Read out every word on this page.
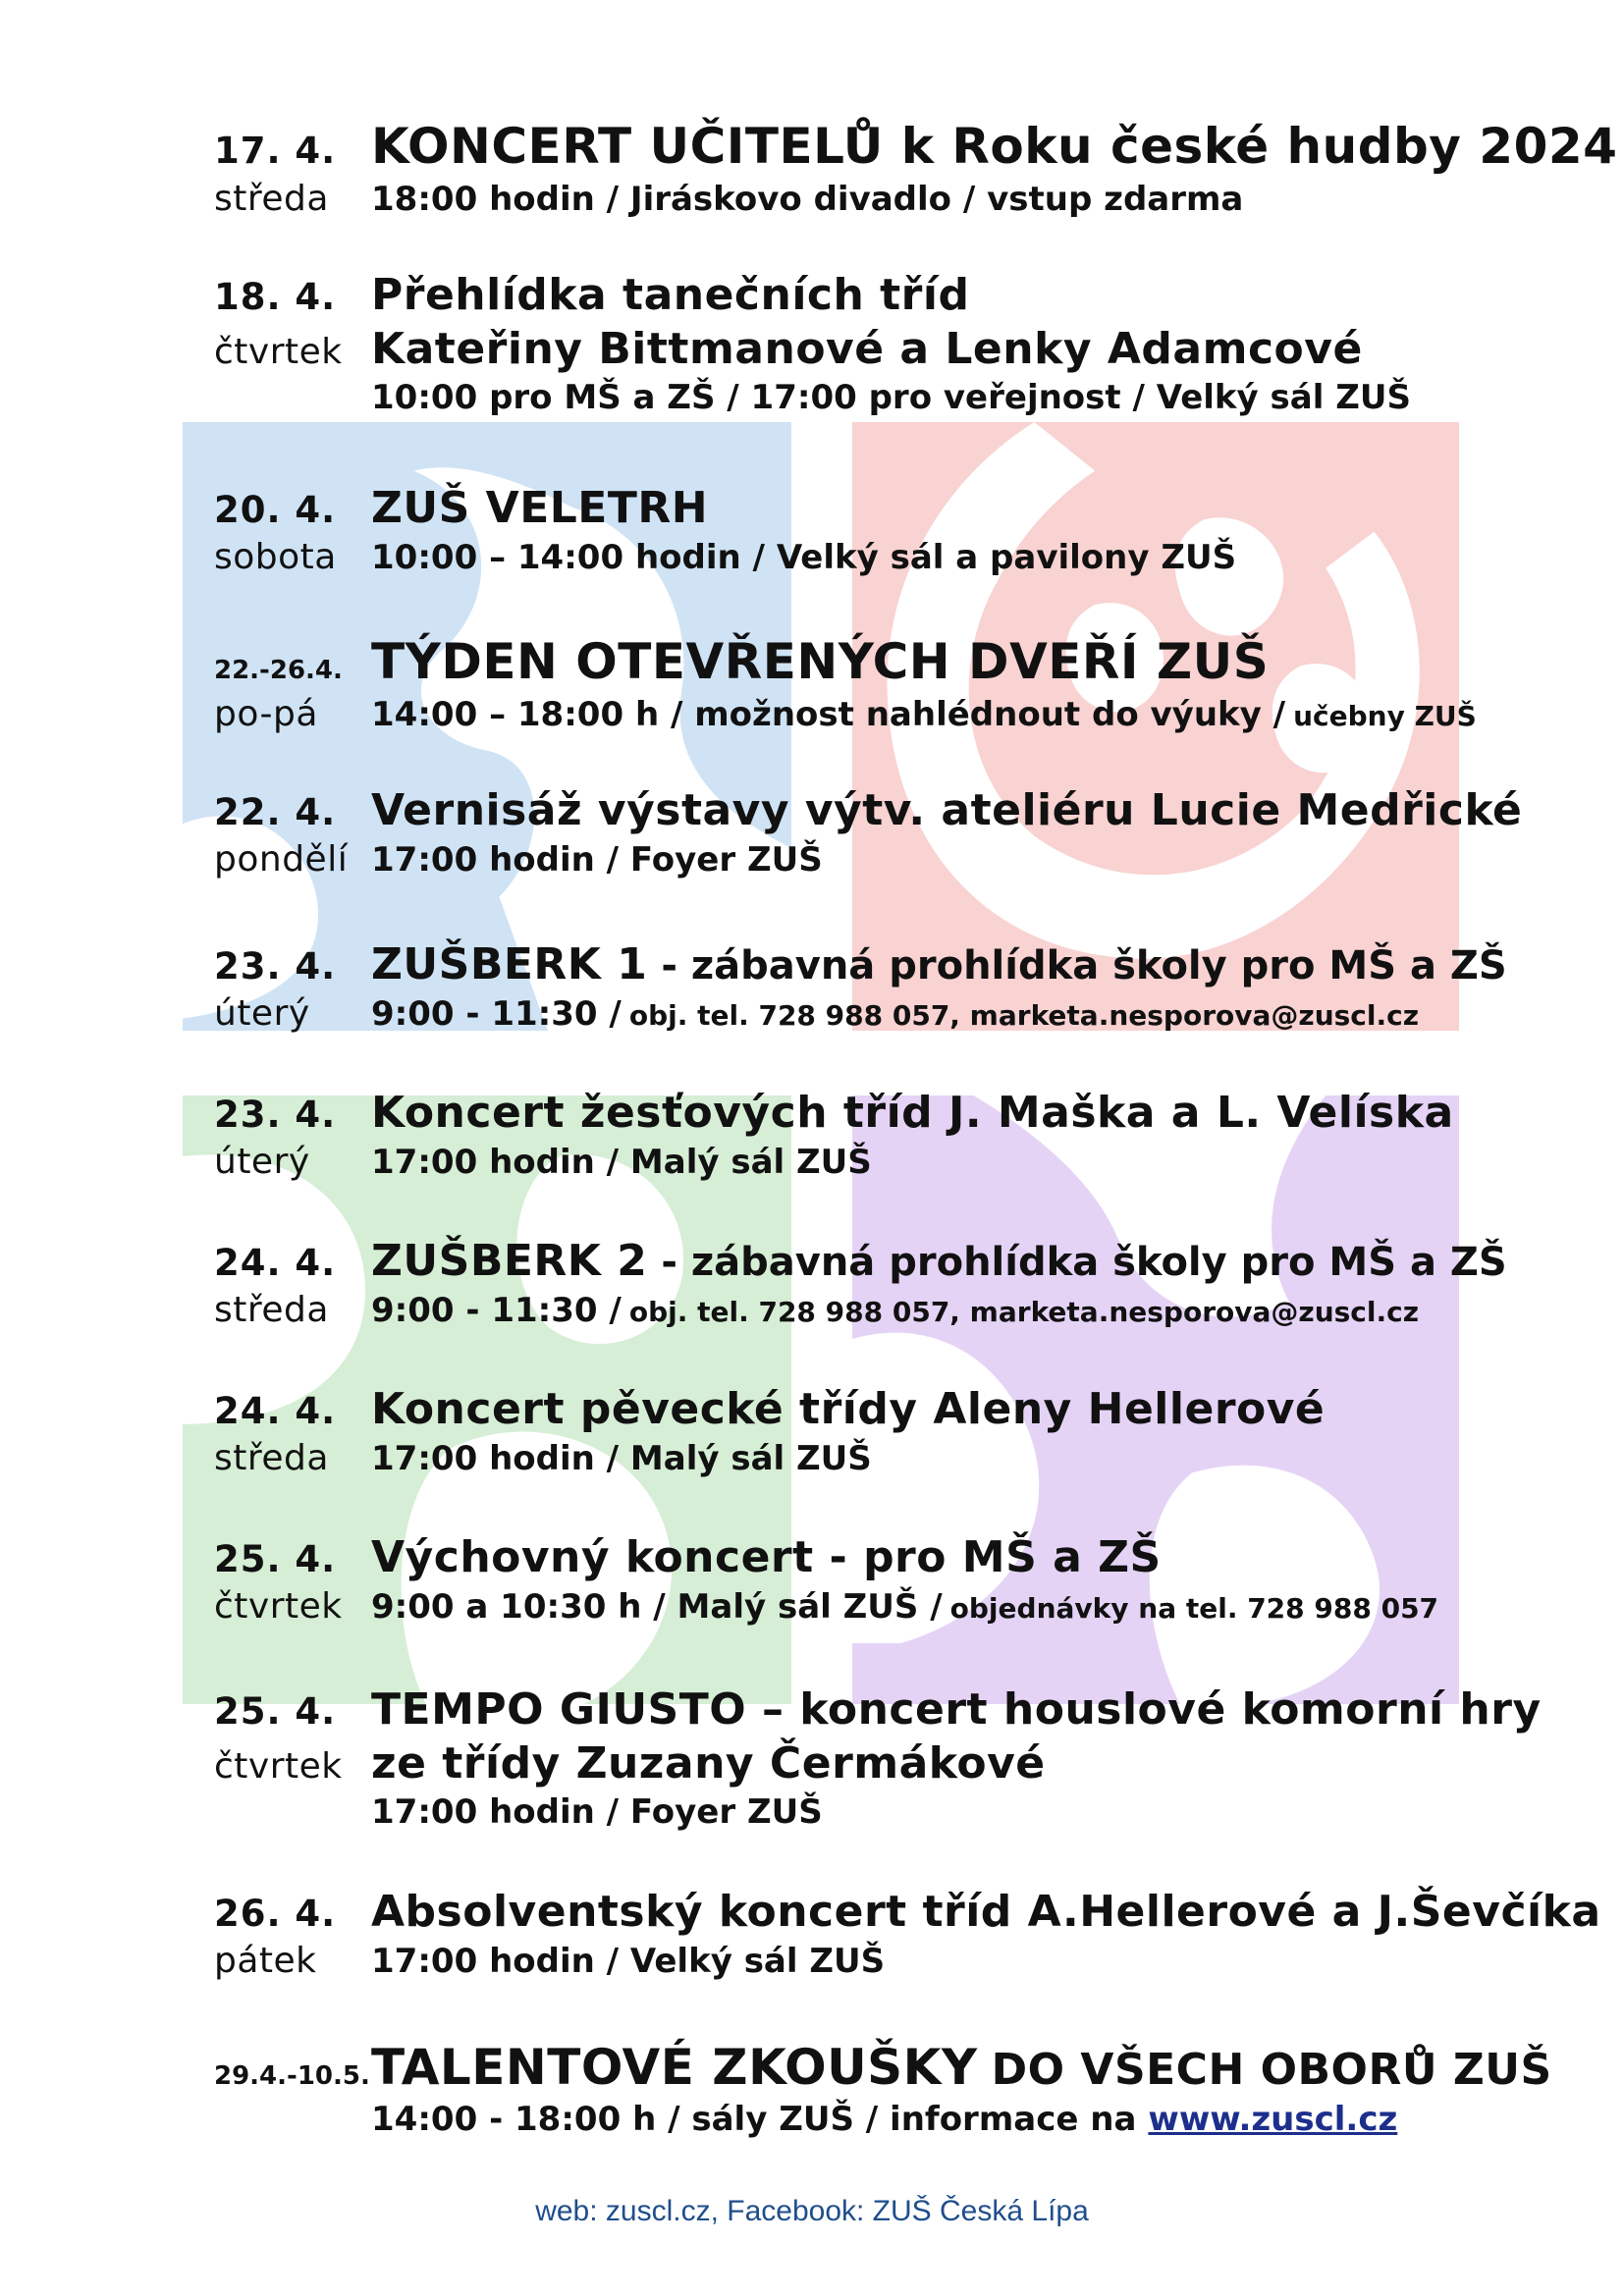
17. 4. KONCERT UČITELŮ k Roku české hudby 2024
středa	18:00 hodin / Jiráskovo divadlo / vstup zdarma
18. 4. Přehlídka tanečních tříd
čtvrtek Kateřiny Bittmanové a Lenky Adamcové
10:00 pro MŠ a ZŠ / 17:00 pro veřejnost / Velký sál ZUŠ
20. 4. ZUŠ VELETRH
sobota	10:00 – 14:00 hodin / Velký sál a pavilony ZUŠ
22.-26.4. TÝDEN OTEVŘENÝCH DVEŘÍ ZUŠ
po-pá	14:00 – 18:00 h / možnost nahlédnout do výuky / učebny ZUŠ
22. 4. Vernisáž výstavy výtv. ateliéru Lucie Medřické
pondělí 17:00 hodin / Foyer ZUŠ
23. 4. ZUŠBERK 1 - zábavná prohlídka školy pro MŠ a ZŠ
úterý	9:00 - 11:30 / obj. tel. 728 988 057, marketa.nesporova@zuscl.cz
23. 4. Koncert žesťových tříd J. Maška a L. Velíska
úterý	17:00 hodin / Malý sál ZUŠ
24. 4. ZUŠBERK 2 - zábavná prohlídka školy pro MŠ a ZŠ
středa	9:00 - 11:30 / obj. tel. 728 988 057, marketa.nesporova@zuscl.cz
24. 4. Koncert pěvecké třídy Aleny Hellerové
středa	17:00 hodin / Malý sál ZUŠ
25. 4. Výchovný koncert - pro MŠ a ZŠ
čtvrtek 9:00 a 10:30 h / Malý sál ZUŠ / objednávky na tel. 728 988 057
25. 4. TEMPO GIUSTO – koncert houslové komorní hry
čtvrtek ze třídy Zuzany Čermákové
17:00 hodin / Foyer ZUŠ
26. 4. Absolventský koncert tříd A.Hellerové a J.Ševčíka
pátek	17:00 hodin / Velký sál ZUŠ
29.4.-10.5. TALENTOVÉ ZKOUŠKY DO VŠECH OBORŮ ZUŠ
14:00 - 18:00 h / sály ZUŠ / informace na www.zuscl.cz
web: zuscl.cz, Facebook: ZUŠ Česká Lípa
